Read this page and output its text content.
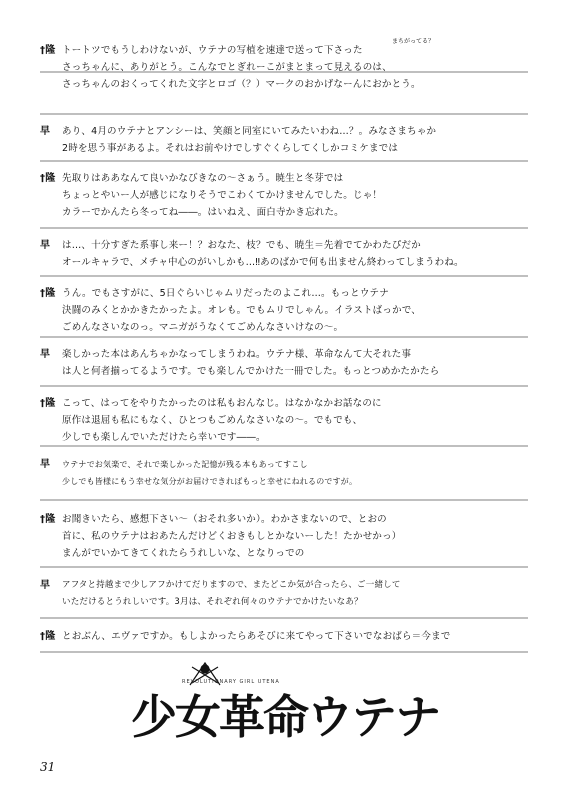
†隆
まちがってる？
トートツでもうしわけないが、ウテナの写植を速達で送って下さった
さっちゃんに、ありがとう。こんなでとぎれーこがまとまって見えるのは、
さっちゃんのおくってくれた文字とロゴ（？）マークのおかげなーんにおかとう。
早 あり、4月のウテナとアンシーは、笑顔と同室にいてみたいわね…？。みなさまちゃか
2時を思う事があるよ。それはお前やけでしすぐくらしてくしかコミケまでは
†隆 先取りはああなんて良いかなびきなの〜さぁう。暁生と冬芽では
ちょっとやいー人が感じになりそうでこわくてかけませんでした。じゃ！
カラーでかんたら冬ってね――。はいねえ、面白寺かき忘れた。
早 は…、十分すぎた系事し来ー！？おなた、枝？でも、暁生＝先着でてかわたぴだか
オールキャラで、メチャ中心のがいしかも…‼︎あのばかで何も出ません終わってしまうわね。
†隆 うん。でもさすがに、5日ぐらいじゃムリだったのよこれ…。もっとウテナ
決闘のみくとかかきたかったよ。オレも。でもムリでしゃん。イラストばっかで、
ごめんなさいなのっ。マニガがうなくてごめんなさいけなの〜。
早 楽しかった本はあんちゃかなってしまうわね。ウテナ様、革命なんて大それた事
は人と何者揃ってるようです。でも楽しんでかけた一冊でした。もっとつめかたかたら
†隆 こって、はってをやりたかったのは私もおんなじ。はなかなかお話なのに
原作は退屈も私にもなく、ひとつもごめんなさいなの〜。でもでも、
少しでも楽しんでいただけたら幸いです――。
早 ウテナでお気楽で、それで楽しかった記憶が残る本もあってすこし
少しでも皆様にもう幸せな気分がお届けできればもっと幸せにねれるのですが。
†隆 お聞きいたら、感想下さい〜（おそれ多いか）。わかさまないので、とおの
首に、私のウテナはおあたんだけどくおきもしとかないーした！たかせかっ）
まんがでいかてきてくれたらうれしいな、となりっでの
早 アフタと持越まで少しアフかけてだりますので、またどこか気が合ったら、ご一緒して
いただけるとうれしいです。3月は、それぞれ何々のウテナでかけたいなあ？
†隆 とおぶん、エヴァですか。もしよかったらあそびに来てやって下さいでなおばら＝今まで
少女革命ウテナ
REVOLUTIONARY GIRL UTENA
31
